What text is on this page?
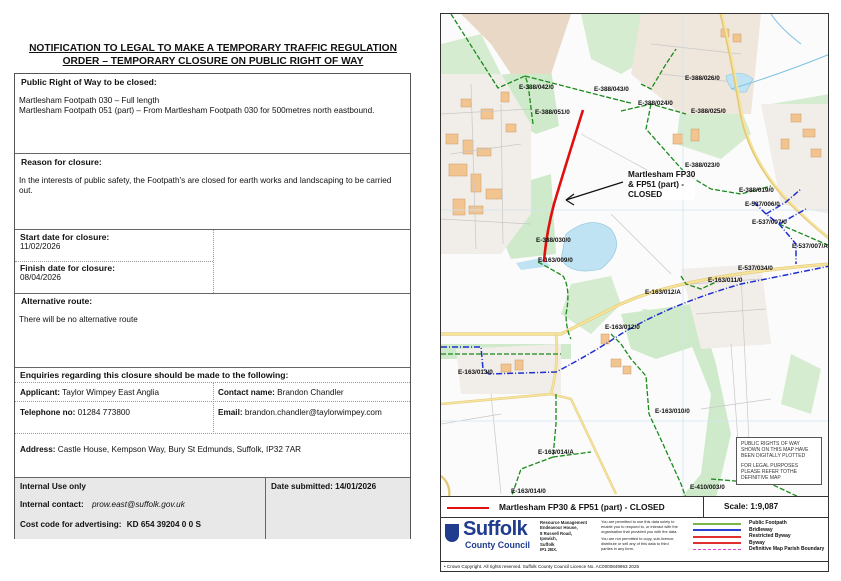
NOTIFICATION TO LEGAL TO MAKE A TEMPORARY TRAFFIC REGULATION
ORDER – TEMPORARY CLOSURE ON PUBLIC RIGHT OF WAY
Public Right of Way to be closed:
Martlesham Footpath 030 – Full length
Martlesham Footpath 051 (part) – From Martlesham Footpath 030 for 500metres north eastbound.
Reason for closure:
In the interests of public safety, the Footpath's are closed for earth works and landscaping to be carried out.
Start date for closure:
11/02/2026
Finish date for closure:
08/04/2026
Alternative route:
There will be no alternative route
Enquiries regarding this closure should be made to the following:
Applicant: Taylor Wimpey East Anglia	Contact name: Brandon Chandler
Telephone no: 01284 773800	Email: brandon.chandler@taylorwimpey.com
Address: Castle House, Kempson Way, Bury St Edmunds, Suffolk, IP32 7AR
Internal Use only
Internal contact: prow.east@suffolk.gov.uk
Cost code for advertising: KD 654 39204 0 0 S
Date submitted: 14/01/2026
E-388/042/0	E-388/043/0
E-388/051/0
E-388/026/0
E-388/024/0
E-388/025/0
E-388/023/0
E-388/019/0
E-537/006/0
E-537/007/0
E-537/007/A
E-537/034/0
E-163/011/0
E-163/012/A
E-163/012/0
E-163/013/0
E-388/030/0
E-163/009/0
E-163/010/0
E-163/014/A
E-163/014/0
E-410/003/0
Martlesham FP30
& FP51 (part) -
CLOSED
PUBLIC RIGHTS OF WAY SHOWN ON THIS MAP HAVE BEEN DIGITALLY PLOTTED
FOR LEGAL PURPOSES PLEASE REFER TOTHE DEFINITIVE MAP
Martlesham FP30 & FP51 (part) - CLOSED	Scale: 1:9,087
Suffolk
County Council
Resource Management
Endeavour House,
8 Russell Road,
Ipswich,
Suffolk
IP1 2BX.
You are permitted to use this data solely to enable you to respond to, or interact with the organisation that provided you with the data.
You are not permitted to copy, sub-licence, distribute or sell any of this data to third parties in any form.
Public Footpath
Bridleway
Restricted Byway
Byway
Definitive Map Parish Boundary
• Crown Copyright. All rights reserved. Suffolk County Council Licence No. AC0000849963 2025
